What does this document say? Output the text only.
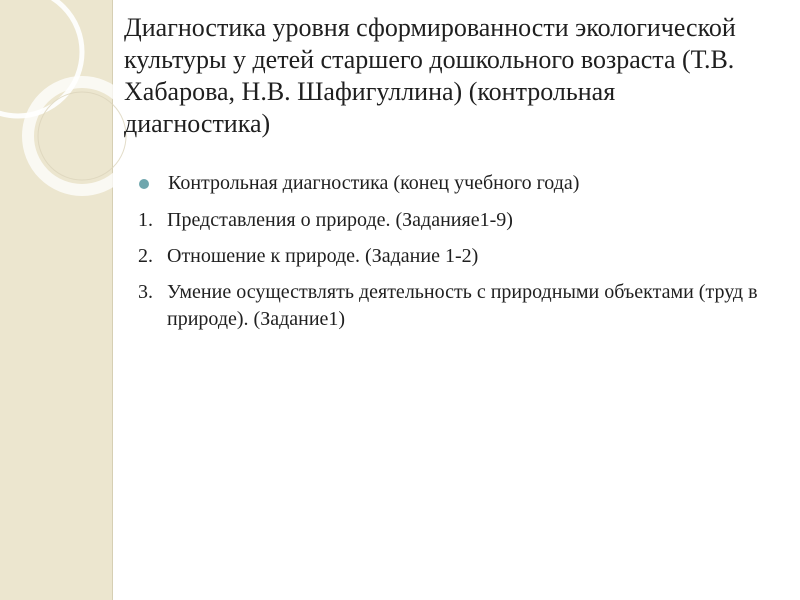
Диагностика уровня сформированности экологической культуры у детей старшего дошкольного возраста (Т.В. Хабарова, Н.В. Шафигуллина) (контрольная диагностика)
Контрольная диагностика (конец учебного года)
1. Представления о природе. (Заданияе1-9)
2. Отношение к природе. (Задание 1-2)
3. Умение осуществлять деятельность с природными объектами (труд в природе). (Задание1)
